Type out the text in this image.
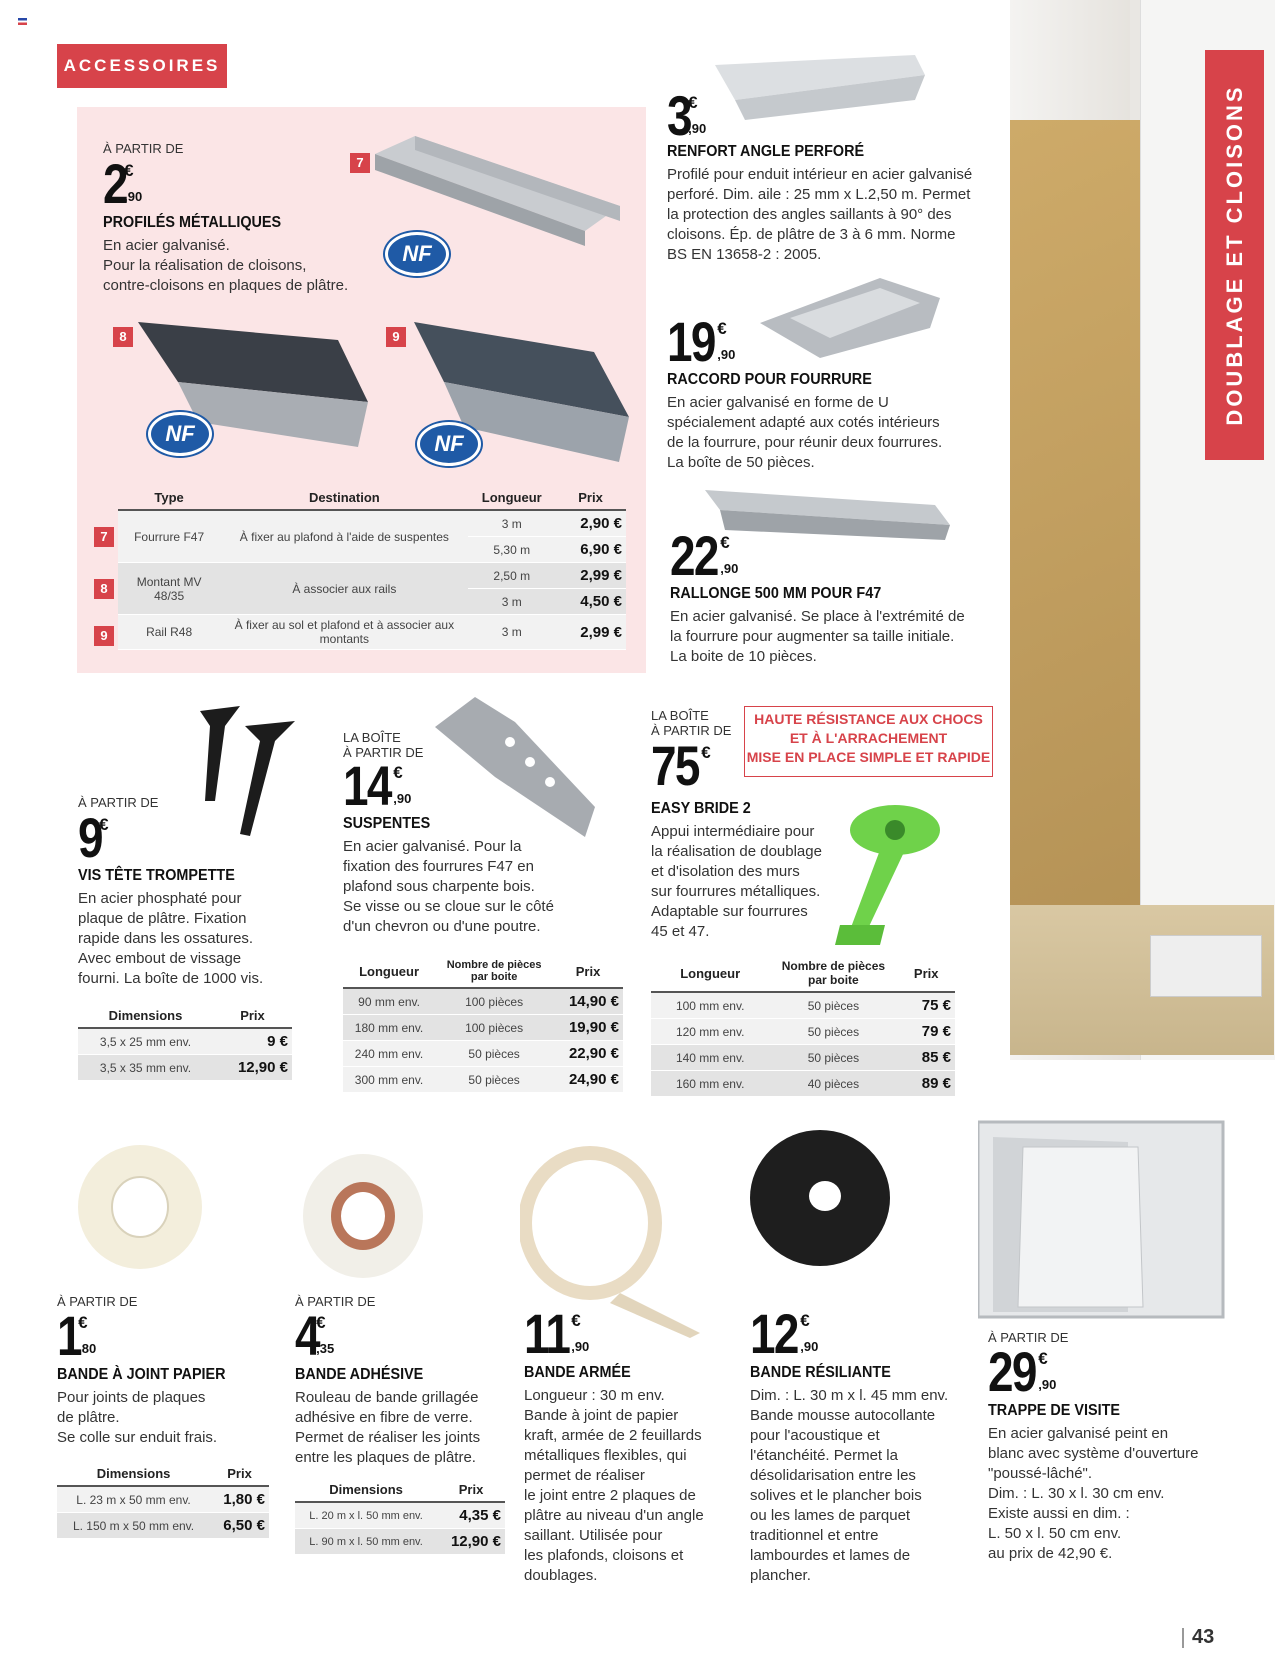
ACCESSOIRES
DOUBLAGE ET CLOISONS
À PARTIR DE
2
€
,90
PROFILÉS MÉTALLIQUES
En acier galvanisé.
Pour la réalisation de cloisons,
contre-cloisons en plaques de plâtre.
7
NF
8
NF
9
NF
Type	Destination	Longueur	Prix
Fourrure F47	À fixer au plafond à l'aide de suspentes	3 m	2,90 €
		5,30 m	6,90 €
Montant MV 48/35	À associer aux rails	2,50 m	2,99 €
		3 m	4,50 €
Rail R48	À fixer au sol et plafond et à associer aux montants	3 m	2,99 €
7
8
9
3
€
,90
RENFORT ANGLE PERFORÉ
Profilé pour enduit intérieur en acier galvanisé
perforé. Dim. aile : 25 mm x L.2,50 m. Permet
la protection des angles saillants à 90° des
cloisons. Ép. de plâtre de 3 à 6 mm. Norme
BS EN 13658-2 : 2005.
19 €
,90
RACCORD POUR FOURRURE
En acier galvanisé en forme de U
spécialement adapté aux cotés intérieurs
de la fourrure, pour réunir deux fourrures.
La boîte de 50 pièces.
22 €
,90
RALLONGE 500 MM POUR F47
En acier galvanisé. Se place à l'extrémité de
la fourrure pour augmenter sa taille initiale.
La boite de 10 pièces.
À PARTIR DE
9
€
VIS TÊTE TROMPETTE
En acier phosphaté pour
plaque de plâtre. Fixation
rapide dans les ossatures.
Avec embout de vissage
fourni. La boîte de 1000 vis.
Dimensions	Prix
3,5 x 25 mm env.	9 €
3,5 x 35 mm env.	12,90 €
LA BOÎTE
À PARTIR DE
14 €
,90
SUSPENTES
En acier galvanisé. Pour la
fixation des fourrures F47 en
plafond sous charpente bois.
Se visse ou se cloue sur le côté
d'un chevron ou d'une poutre.
Longueur	Nombre de pièces par boite	Prix
90 mm env.	100 pièces	14,90 €
180 mm env.	100 pièces	19,90 €
240 mm env.	50 pièces	22,90 €
300 mm env.	50 pièces	24,90 €
LA BOÎTE
À PARTIR DE
75 €
HAUTE RÉSISTANCE AUX CHOCS
ET À L'ARRACHEMENT
MISE EN PLACE SIMPLE ET RAPIDE
EASY BRIDE 2
Appui intermédiaire pour
la réalisation de doublage
et d'isolation des murs
sur fourrures métalliques.
Adaptable sur fourrures
45 et 47.
Longueur	Nombre de pièces par boite	Prix
100 mm env.	50 pièces	75 €
120 mm env.	50 pièces	79 €
140 mm env.	50 pièces	85 €
160 mm env.	40 pièces	89 €
À PARTIR DE
1
€
,80
BANDE À JOINT PAPIER
Pour joints de plaques
de plâtre.
Se colle sur enduit frais.
Dimensions	Prix
L. 23 m x 50 mm env.	1,80 €
L. 150 m x 50 mm env.	6,50 €
À PARTIR DE
4
€
,35
BANDE ADHÉSIVE
Rouleau de bande grillagée
adhésive en fibre de verre.
Permet de réaliser les joints
entre les plaques de plâtre.
Dimensions	Prix
L. 20 m x l. 50 mm env.	4,35 €
L. 90 m x l. 50 mm env.	12,90 €
11 €
,90
BANDE ARMÉE
Longueur : 30 m env.
Bande à joint de papier
kraft, armée de 2 feuillards
métalliques flexibles, qui
permet de réaliser
le joint entre 2 plaques de
plâtre au niveau d'un angle
saillant. Utilisée pour
les plafonds, cloisons et
doublages.
12 €
,90
BANDE RÉSILIANTE
Dim. : L. 30 m x l. 45 mm env.
Bande mousse autocollante
pour l'acoustique et
l'étanchéité. Permet la
désolidarisation entre les
solives et le plancher bois
ou les lames de parquet
traditionnel et entre
lambourdes et lames de
plancher.
À PARTIR DE
29 €
,90
TRAPPE DE VISITE
En acier galvanisé peint en
blanc avec système d'ouverture
"poussé-lâché".
Dim. : L. 30 x l. 30 cm env.
Existe aussi en dim. :
L. 50 x l. 50 cm env.
au prix de 42,90 €.
43
